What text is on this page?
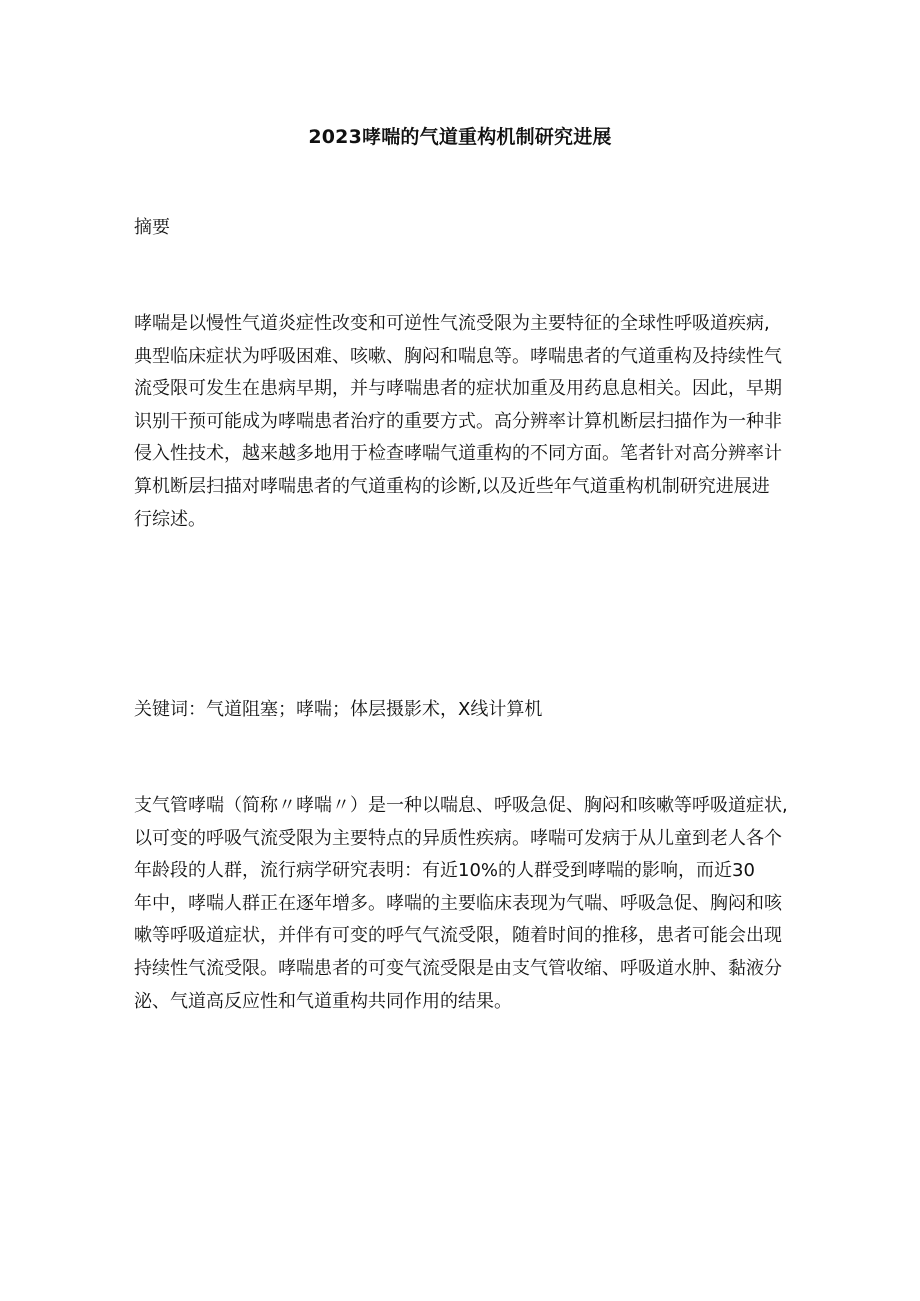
2023哮喘的气道重构机制研究进展
摘要
哮喘是以慢性气道炎症性改变和可逆性气流受限为主要特征的全球性呼吸道疾病,
典型临床症状为呼吸困难、咳嗽、胸闷和喘息等。哮喘患者的气道重构及持续性气
流受限可发生在患病早期，并与哮喘患者的症状加重及用药息息相关。因此，早期
识别干预可能成为哮喘患者治疗的重要方式。高分辨率计算机断层扫描作为一种非
侵入性技术，越来越多地用于检查哮喘气道重构的不同方面。笔者针对高分辨率计
算机断层扫描对哮喘患者的气道重构的诊断,以及近些年气道重构机制研究进展进
行综述。
关键词：气道阻塞；哮喘；体层摄影术，X线计算机
支气管哮喘（简称〃哮喘〃）是一种以喘息、呼吸急促、胸闷和咳嗽等呼吸道症状,
以可变的呼吸气流受限为主要特点的异质性疾病。哮喘可发病于从儿童到老人各个
年龄段的人群，流行病学研究表明：有近10%的人群受到哮喘的影响，而近30
年中，哮喘人群正在逐年增多。哮喘的主要临床表现为气喘、呼吸急促、胸闷和咳
嗽等呼吸道症状，并伴有可变的呼气气流受限，随着时间的推移，患者可能会出现
持续性气流受限。哮喘患者的可变气流受限是由支气管收缩、呼吸道水肿、黏液分
泌、气道高反应性和气道重构共同作用的结果。
